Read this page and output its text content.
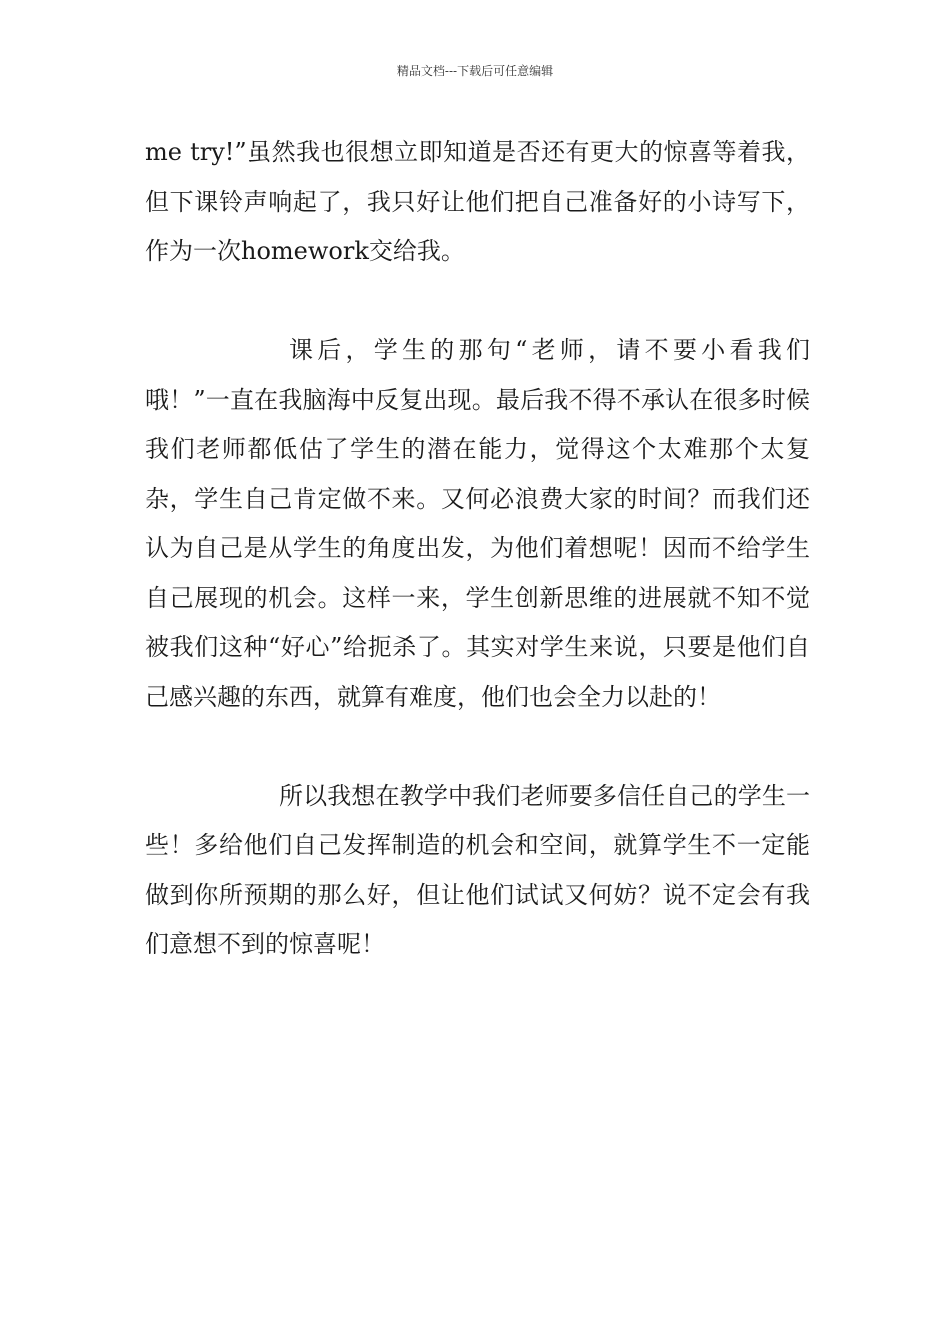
精品文档---下载后可任意编辑

me try!”虽然我也很想立即知道是否还有更大的惊喜等着我，但下课铃声响起了，我只好让他们把自己准备好的小诗写下，作为一次homework交给我。

课后，学生的那句“老师，请不要小看我们哦！”一直在我脑海中反复出现。最后我不得不承认在很多时候我们老师都低估了学生的潜在能力，觉得这个太难那个太复杂，学生自己肯定做不来。又何必浪费大家的时间？而我们还认为自己是从学生的角度出发，为他们着想呢！因而不给学生自己展现的机会。这样一来，学生创新思维的进展就不知不觉被我们这种“好心”给扼杀了。其实对学生来说，只要是他们自己感兴趣的东西，就算有难度，他们也会全力以赴的！

所以我想在教学中我们老师要多信任自己的学生一些！多给他们自己发挥制造的机会和空间，就算学生不一定能做到你所预期的那么好，但让他们试试又何妨？说不定会有我们意想不到的惊喜呢！
